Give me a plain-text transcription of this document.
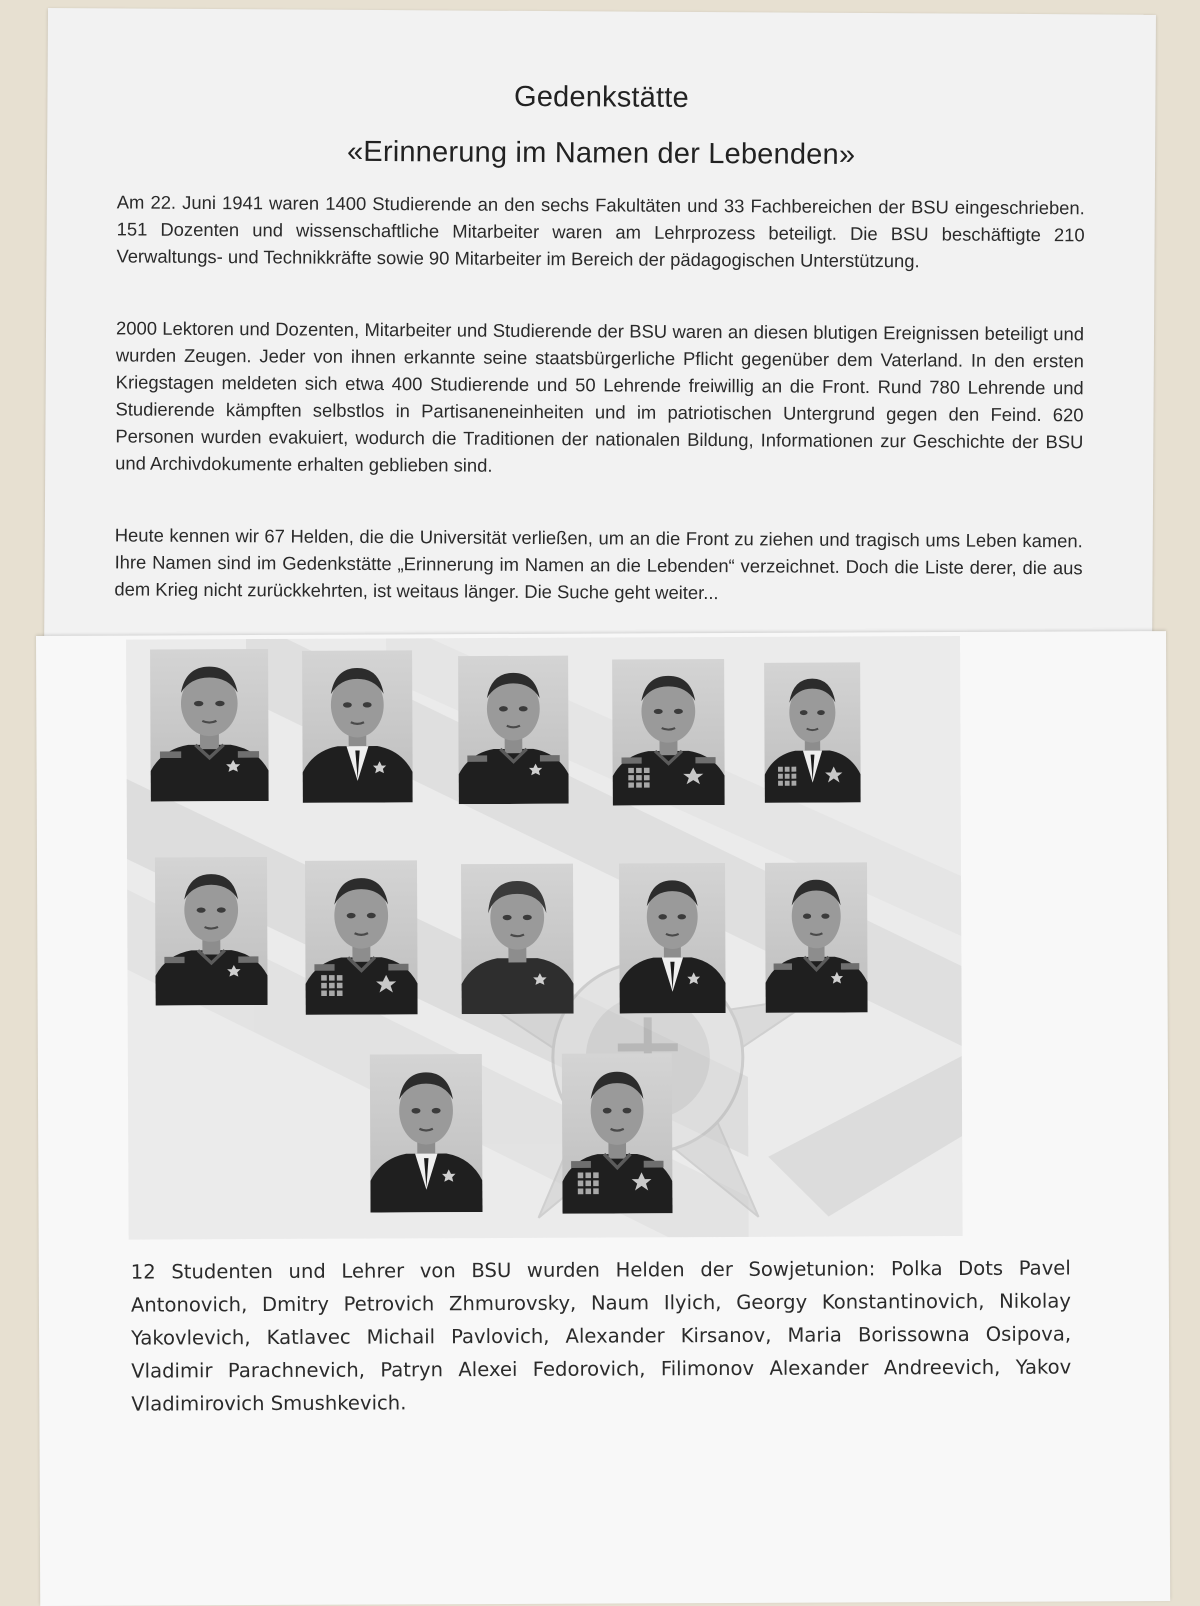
Gedenkstätte
«Erinnerung im Namen der Lebenden»

Am 22. Juni 1941 waren 1400 Studierende an den sechs Fakultäten und 33 Fachbereichen der BSU eingeschrieben. 151 Dozenten und wissenschaftliche Mitarbeiter waren am Lehrprozess beteiligt. Die BSU beschäftigte 210 Verwaltungs- und Technikkräfte sowie 90 Mitarbeiter im Bereich der pädagogischen Unterstützung.

2000 Lektoren und Dozenten, Mitarbeiter und Studierende der BSU waren an diesen blutigen Ereignissen beteiligt und wurden Zeugen. Jeder von ihnen erkannte seine staatsbürgerliche Pflicht gegenüber dem Vaterland. In den ersten Kriegstagen meldeten sich etwa 400 Studierende und 50 Lehrende freiwillig an die Front. Rund 780 Lehrende und Studierende kämpften selbstlos in Partisaneneinheiten und im patriotischen Untergrund gegen den Feind. 620 Personen wurden evakuiert, wodurch die Traditionen der nationalen Bildung, Informationen zur Geschichte der BSU und Archivdokumente erhalten geblieben sind.

Heute kennen wir 67 Helden, die die Universität verließen, um an die Front zu ziehen und tragisch ums Leben kamen. Ihre Namen sind im Gedenkstätte „Erinnerung im Namen an die Lebenden“ verzeichnet. Doch die Liste derer, die aus dem Krieg nicht zurückkehrten, ist weitaus länger. Die Suche geht weiter...

12 Studenten und Lehrer von BSU wurden Helden der Sowjetunion: Polka Dots Pavel Antonovich, Dmitry Petrovich Zhmurovsky, Naum Ilyich, Georgy Konstantinovich, Nikolay Yakovlevich, Katlavec Michail Pavlovich, Alexander Kirsanov, Maria Borissowna Osipova, Vladimir Parachnevich, Patryn Alexei Fedorovich, Filimonov Alexander Andreevich, Yakov Vladimirovich Smushkevich.
